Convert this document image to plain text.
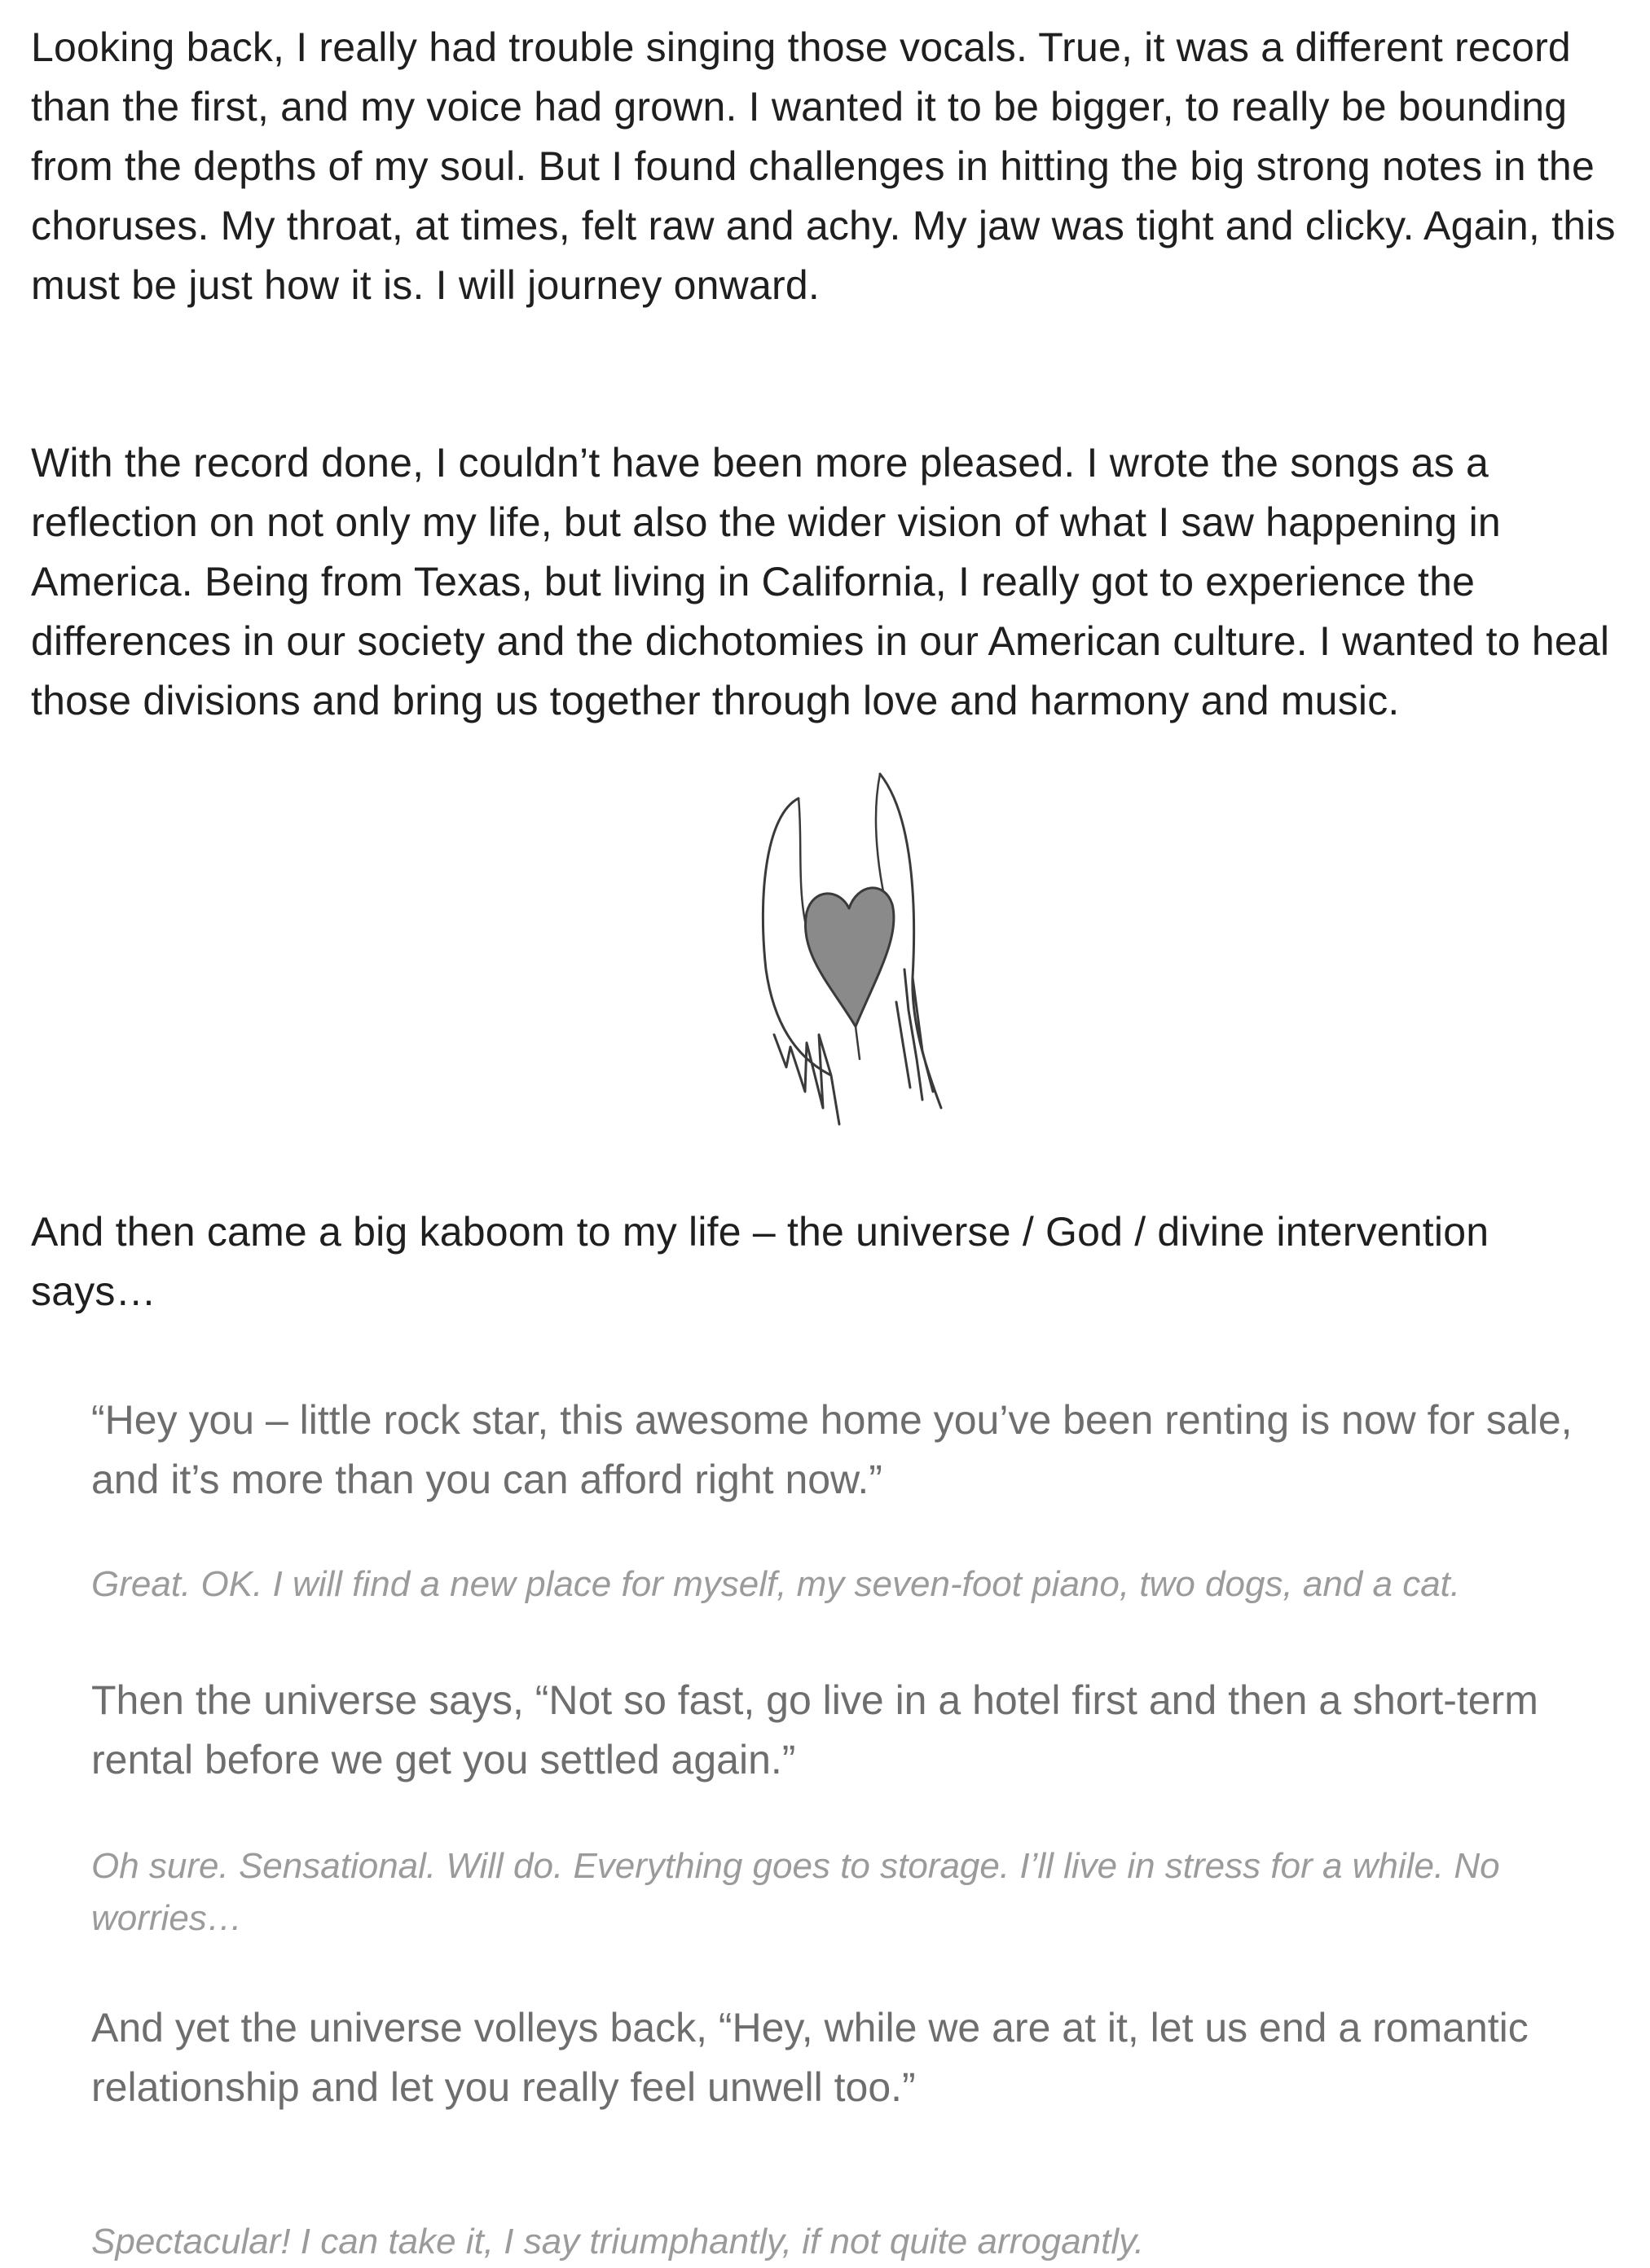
Looking back, I really had trouble singing those vocals. True, it was a different record than the first, and my voice had grown. I wanted it to be bigger, to really be bounding from the depths of my soul. But I found challenges in hitting the big strong notes in the choruses. My throat, at times, felt raw and achy. My jaw was tight and clicky. Again, this must be just how it is. I will journey onward.

With the record done, I couldn’t have been more pleased. I wrote the songs as a reflection on not only my life, but also the wider vision of what I saw happening in America. Being from Texas, but living in California, I really got to experience the differences in our society and the dichotomies in our American culture. I wanted to heal those divisions and bring us together through love and harmony and music.

And then came a big kaboom to my life – the universe / God / divine intervention says…

“Hey you – little rock star, this awesome home you’ve been renting is now for sale, and it’s more than you can afford right now.”

Great. OK. I will find a new place for myself, my seven-foot piano, two dogs, and a cat.

Then the universe says, “Not so fast, go live in a hotel first and then a short-term rental before we get you settled again.”

Oh sure. Sensational. Will do. Everything goes to storage. I’ll live in stress for a while. No worries…

And yet the universe volleys back, “Hey, while we are at it, let us end a romantic relationship and let you really feel unwell too.”

Spectacular! I can take it, I say triumphantly, if not quite arrogantly.
